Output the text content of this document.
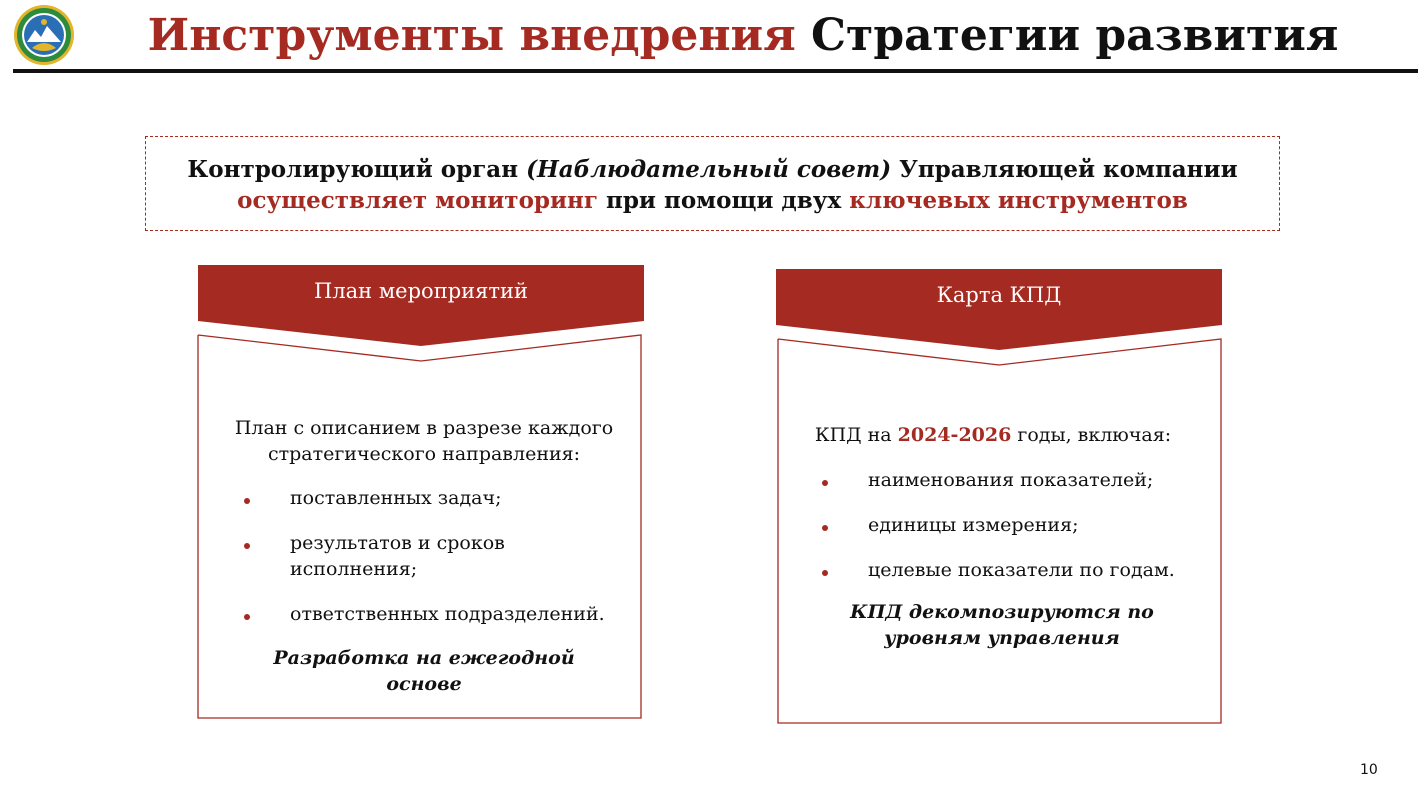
Инструменты внедрения Стратегии развития
Контролирующий орган (Наблюдательный совет) Управляющей компании
осуществляет мониторинг при помощи двух ключевых инструментов
План мероприятий
План с описанием в разрезе каждого стратегического направления:
поставленных задач;
результатов и сроков исполнения;
ответственных подразделений.
Разработка на ежегодной основе
Карта КПД
КПД на 2024-2026 годы, включая:
наименования показателей;
единицы измерения;
целевые показатели по годам.
КПД декомпозируются по уровням управления
10
